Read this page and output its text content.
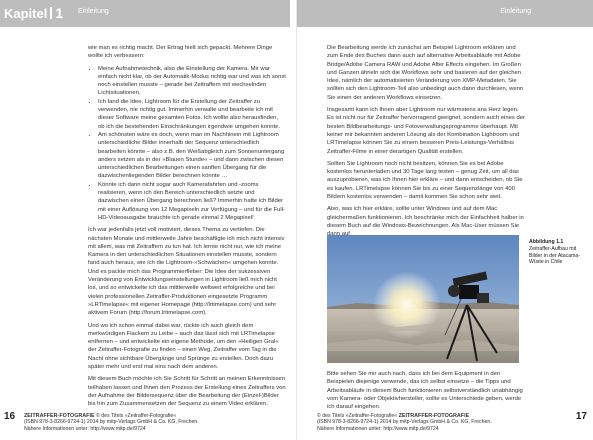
Kapitel 1 Einleitung

wie man es richtig macht. Der Ertrag hielt sich gepackt. Mehrere Dinge wollte ich verbessern:

• Meine Aufnahmetechnik, also die Einstellung der Kamera. Mir war einfach nicht klar, ob der Automatik-Modus richtig war und was ich sonst noch einstellen musste – gerade bei Zeitraffern mit wechselnden Lichtsituationen.
• Ich fand die Idee, Lightroom für die Erstellung der Zeitraffer zu verwenden, nie richtig gut. Immerhin verwalte und bearbeite ich mit dieser Software meine gesamten Fotos. Ich wollte also herausfinden, ob ich die bestehenden Einschränkungen irgendwie umgehen konnte.
• Am schönsten wäre es doch, wenn man im Nachhinein mit Lightroom unterschiedliche Bilder innerhalb der Sequenz unterschiedlich bearbeiten könnte – also z.B. den Weißabgleich zum Sonnenuntergang anders setzen als in der »Blauen Stunde« – und dann zwischen diesen unterschiedlichen Bearbeitungen einen sanften Übergang für die dazwischenliegenden Bilder berechnen könnte …
• Könnte ich dann nicht sogar auch Kamerafahrten und -zooms realisieren, wenn ich den Bereich unterschiedlich setzte und dazwischen einen Übergang berechnen ließ? Immerhin hatte ich Bilder mit einer Auflösung von 12 Megapixeln zur Verfügung – und für die Full-HD-Videoausgabe brauchte ich gerade einmal 2 Megapixel!

Ich war jedenfalls jetzt voll motiviert, dieses Thema zu vertiefen. Die nächsten Monate und mittlerweile Jahre beschäftigte ich mich nicht intensiv mit allem, was mit Zeitraffern zu tun hat. Ich lernte nicht nur, wie ich meine Kamera in den unterschiedlichen Situationen einstellen musste, sondern fand auch heraus, wie ich die Lightroom-»Schwächen« umgehen konnte. Und es packte mich das Programmierfieber: Die Idee der sukzessiven Veränderung von Entwicklungseinstellungen in Lightroom ließ mich nicht los, und so entwickelte ich das mittlerweile weltweit erfolgreiche und bei vielen professionellen Zeitraffer-Produktionen eingesetzte Programm »LRTimelapse« mit eigener Homepage (http://lrtimelapse.com) und sehr aktivem Forum (http://forum.lrtimelapse.com).

Und wo ich schon einmal dabei war, rückte ich auch gleich dem merkwürdigen Flackern zu Leibe – auch das lässt sich mit LRTimelapse entfernen – und entwickelte ein eigene Methode, um den »Heiligen Gral« der Zeitraffer-Fotografie zu finden – einen Weg, Zeitraffer vom Tag in die Nacht ohne sichtbare Übergänge und Sprünge zu erstellen. Doch dazu später mehr und erst mal eins nach dem anderen.

Mit diesem Buch möchte ich Sie Schritt für Schritt an meinen Erkenntnissen teilhaben lassen und Ihnen den Prozess der Erstellung eines Zeitraffers von der Aufnahme der Bildersequenz über die Bearbeitung der (Einzel-)Bilder bis hin zum Zusammensetzen der Sequenz zu einem Video erklären.

16 ZEITRAFFER-FOTOGRAFIE © des Titels »Zeitraffer-Fotografie«
(ISBN 978-3-8266-9724-1) 2014 by mitp-Verlags GmbH & Co. KG, Frechen.
Nähere Informationen unter: http://www.mitp.de/9724
Einleitung

Die Bearbeitung werde ich zunächst am Beispiel Lightroom erklären und zum Ende des Buches dann auch auf alternative Arbeitsabläufe mit Adobe Bridge/Adobe Camera RAW und Adobe After Effects eingehen. Im Großen und Ganzen ähneln sich die Workflows sehr und basieren auf der gleichen Idee, nämlich der automatisierten Veränderung von XMP-Metadaten. Sie sollten sich den Lightroom-Teil also unbedingt auch dann durchlesen, wenn Sie einen der anderen Workflows einsetzen.

Insgesamt kann ich Ihnen aber Lightroom nur wärmstens ans Herz legen. Es ist nicht nur für Zeitraffer hervorragend geeignet, sondern auch eines der besten Bildbearbeitungs- und Fotoverwaltungsprogramme überhaupt. Mit keiner mir bekannten anderen Lösung als der Kombination Lightroom und LRTimelapse können Sie zu einem besseren Preis-Leistungs-Verhältnis Zeitraffer-Filme in einer derartigen Qualität erstellen.

Sollten Sie Lightroom noch nicht besitzen, können Sie es bei Adobe kostenlos herunterladen und 30 Tage lang testen – genug Zeit, um all das auszuprobieren, was ich Ihnen hier erkläre – und dann entscheiden, ob Sie es kaufen. LRTimelapse können Sie bis zu einer Sequenzlänge von 400 Bildern kostenlos verwenden – damit kommen Sie schon sehr weit.

Also, was ich hier erkläre, sollte unter Windows und auf dem Mac gleichermaßen funktionieren. Ich beschränke mich der Einfachheit halber in diesem Buch auf die Windows-Bezeichnungen. Als Mac-User müssen Sie

Abbildung 1.1
Zeitraffer-Aufbau mit Bilder in der Atacama-Wüste in Chile

Bitte sehen Sie mir auch nach, dass ich bei dem Equipment in den Beispielen diejenige verwende, das ich selbst einsetze – die Tipps und Arbeitsabläufe in diesem Buch funktionieren selbstverständlich unabhängig vom Kamera- oder Objektivhersteller, sollte es Unterschiede geben, werde ich darauf eingehen.

17
© des Titels »Zeitraffer-Fotografie« ZEITRAFFER-FOTOGRAFIE
(ISBN 978-3-8266-9724-1) 2014 by mitp-Verlags GmbH & Co. KG, Frechen.
Nähere Informationen unter: http://www.mitp.de/9724
